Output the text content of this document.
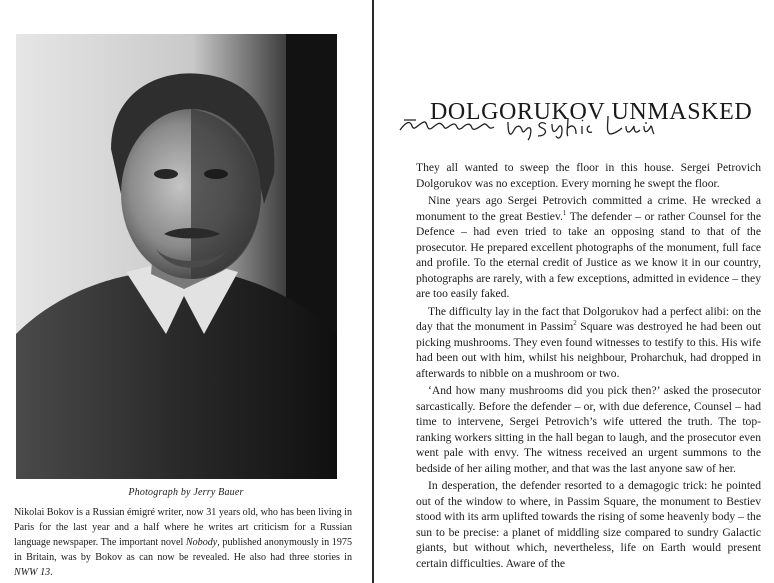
Photograph by Jerry Bauer
Nikolai Bokov is a Russian émigré writer, now 31 years old, who has been living in Paris for the last year and a half where he writes art criticism for a Russian language newspaper. The important novel Nobody, published anonymously in 1975 in Britain, was by Bokov as can now be revealed. He also had three stories in NWW 13.
DOLGORUKOV UNMASKED

They all wanted to sweep the floor in this house. Sergei Petrovich Dolgorukov was no exception. Every morning he swept the floor.

Nine years ago Sergei Petrovich committed a crime. He wrecked a monument to the great Bestiev.$^1$ The defender – or rather Counsel for the Defence – had even tried to take an opposing stand to that of the prosecutor. He prepared excellent photographs of the monument, full face and profile. To the eternal credit of Justice as we know it in our country, photographs are rarely, with a few exceptions, admitted in evidence – they are too easily faked.

The difficulty lay in the fact that Dolgorukov had a perfect alibi: on the day that the monument in Passim$^2$ Square was destroyed he had been out picking mushrooms. They even found witnesses to testify to this. His wife had been out with him, whilst his neighbour, Proharchuk, had dropped in afterwards to nibble on a mushroom or two.

‘And how many mushrooms did you pick then?’ asked the prosecutor sarcastically. Before the defender – or, with due deference, Counsel – had time to intervene, Sergei Petrovich’s wife uttered the truth. The top-ranking workers sitting in the hall began to laugh, and the prosecutor even went pale with envy. The witness received an urgent summons to the bedside of her ailing mother, and that was the last anyone saw of her.

In desperation, the defender resorted to a demagogic trick: he pointed out of the window to where, in Passim Square, the monument to Bestiev stood with its arm uplifted towards the rising of some heavenly body – the sun to be precise: a planet of middling size compared to sundry Galactic giants, but without which, nevertheless, life on Earth would present certain difficulties. Aware of the
